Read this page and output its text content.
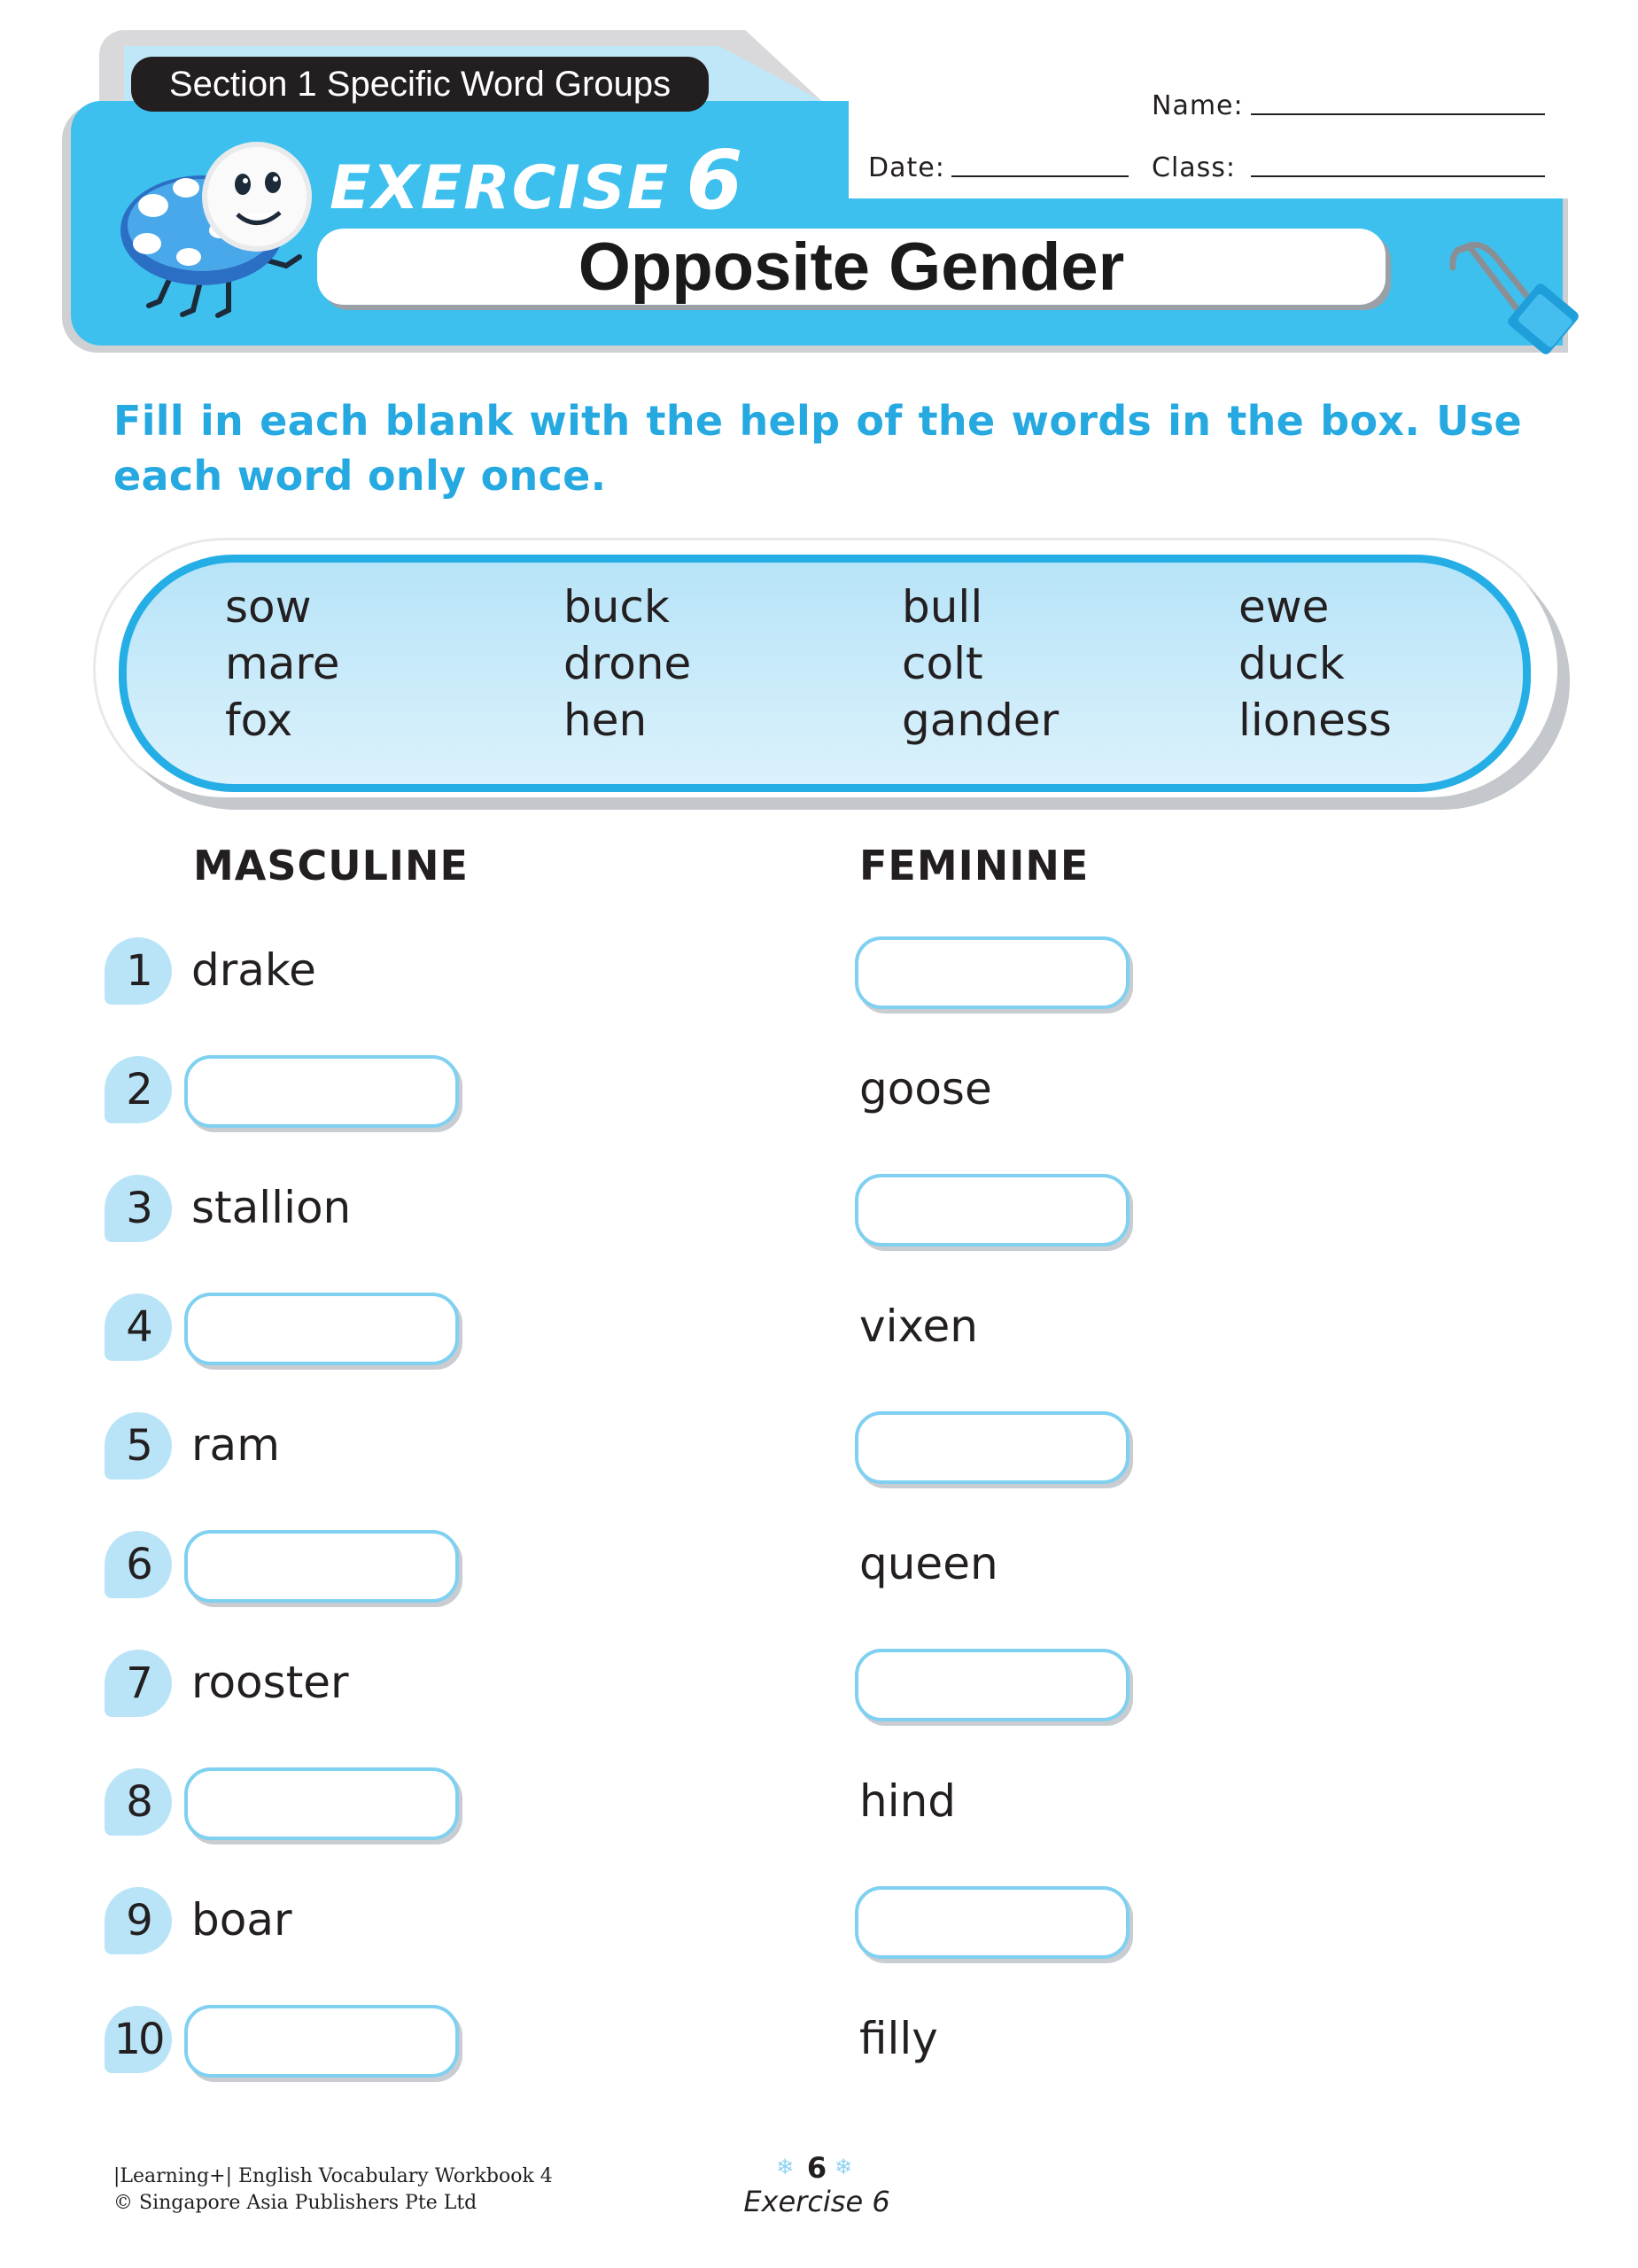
Section 1 Specific Word Groups
Name:
Date:	Class:
EXERCISE 6
Opposite Gender
Fill in each blank with the help of the words in the box. Use each word only once.
sow
mare
fox
buck
drone
hen
bull
colt
gander
ewe
duck
lioness
MASCULINE	FEMININE
1 drake
2	goose
3 stallion
4	vixen
5 ram
6	queen
7 rooster
8	hind
9 boar
10	filly
|Learning+| English Vocabulary Workbook 4
© Singapore Asia Publishers Pte Ltd
❄ 6 ❄
Exercise 6
